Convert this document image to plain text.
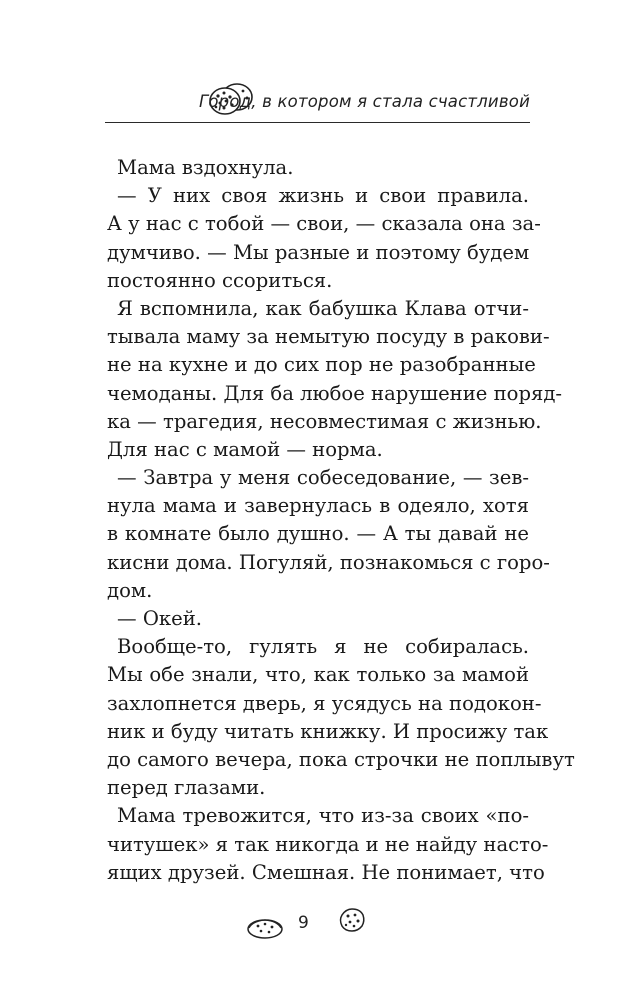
Город, в котором я стала счастливой
Мама вздохнула.
— У них своя жизнь и свои правила.
А у нас с тобой — свои, — сказала она за-
думчиво. — Мы разные и поэтому будем
постоянно ссориться.
Я вспомнила, как бабушка Клава отчи-
тывала маму за немытую посуду в ракови-
не на кухне и до сих пор не разобранные
чемоданы. Для ба любое нарушение поряд-
ка — трагедия, несовместимая с жизнью.
Для нас с мамой — норма.
— Завтра у меня собеседование, — зев-
нула мама и завернулась в одеяло, хотя
в комнате было душно. — А ты давай не
кисни дома. Погуляй, познакомься с горо-
дом.
— Окей.
Вообще-то, гулять я не собиралась.
Мы обе знали, что, как только за мамой
захлопнется дверь, я усядусь на подокон-
ник и буду читать книжку. И просижу так
до самого вечера, пока строчки не поплывут
перед глазами.
Мама тревожится, что из-за своих «по-
читушек» я так никогда и не найду насто-
ящих друзей. Смешная. Не понимает, что
9
